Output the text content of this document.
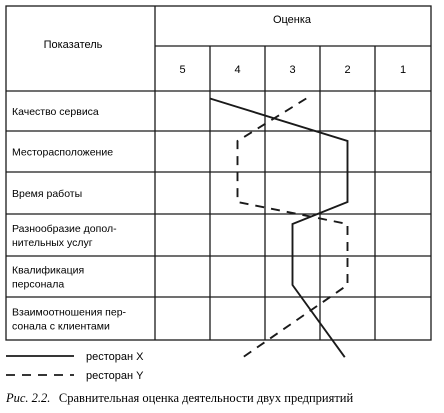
Показатель
Оценка
5	4	3	2	1
Качество сервиса
Месторасположение
Время работы
Разнообразие допол-
нительных услуг
Квалификация
персонала
Взаимоотношения пер-
сонала с клиентами
ресторан X
ресторан Y
Рис. 2.2. Сравнительная оценка деятельности двух предприятий
